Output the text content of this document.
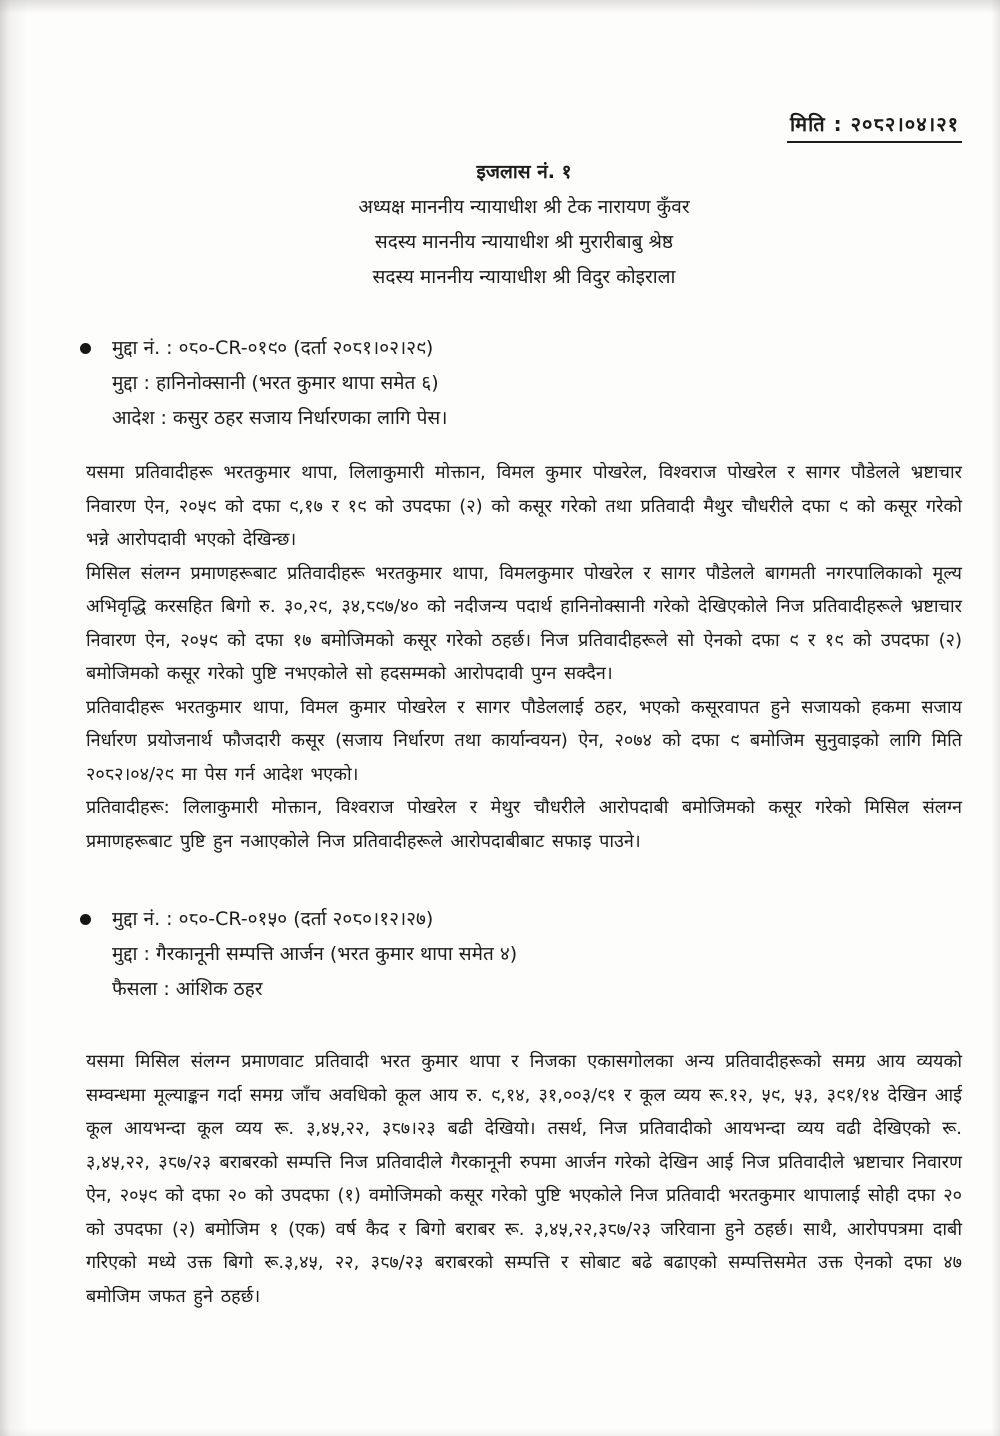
मिति : २०८२।०४।२१
इजलास नं. १
अध्यक्ष माननीय न्यायाधीश श्री टेक नारायण कुँवर
सदस्य माननीय न्यायाधीश श्री मुरारीबाबु श्रेष्ठ
सदस्य माननीय न्यायाधीश श्री विदुर कोइराला
मुद्दा नं. : ०८०-CR-०१९० (दर्ता २०८१।०२।२९)
मुद्दा : हानिनोक्सानी (भरत कुमार थापा समेत ६)
आदेश : कसुर ठहर सजाय निर्धारणका लागि पेस।

यसमा प्रतिवादीहरू भरतकुमार थापा, लिलाकुमारी मोक्तान, विमल कुमार पोखरेल, विश्वराज पोखरेल र सागर पौडेलले भ्रष्टाचार निवारण ऐन, २०५९ को दफा ९,१७ र १९ को उपदफा (२) को कसूर गरेको तथा प्रतिवादी मैथुर चौधरीले दफा ९ को कसूर गरेको भन्ने आरोपदावी भएको देखिन्छ।

मिसिल संलग्न प्रमाणहरूबाट प्रतिवादीहरू भरतकुमार थापा, विमलकुमार पोखरेल र सागर पौडेलले बागमती नगरपालिकाको मूल्य अभिवृद्धि करसहित बिगो रु. ३०,२९, ३४,८९७/४० को नदीजन्य पदार्थ हानिनोक्सानी गरेको देखिएकोले निज प्रतिवादीहरूले भ्रष्टाचार निवारण ऐन, २०५९ को दफा १७ बमोजिमको कसूर गरेको ठहर्छ। निज प्रतिवादीहरूले सो ऐनको दफा ९ र १९ को उपदफा (२) बमोजिमको कसूर गरेको पुष्टि नभएकोले सो हदसम्मको आरोपदावी पुग्न सक्दैन।

प्रतिवादीहरू भरतकुमार थापा, विमल कुमार पोखरेल र सागर पौडेललाई ठहर, भएको कसूरवापत हुने सजायको हकमा सजाय निर्धारण प्रयोजनार्थ फौजदारी कसूर (सजाय निर्धारण तथा कार्यान्वयन) ऐन, २०७४ को दफा ९ बमोजिम सुनुवाइको लागि मिति २०८२।०४/२९ मा पेस गर्न आदेश भएको।

प्रतिवादीहरू: लिलाकुमारी मोक्तान, विश्वराज पोखरेल र मेथुर चौधरीले आरोपदाबी बमोजिमको कसूर गरेको मिसिल संलग्न प्रमाणहरूबाट पुष्टि हुन नआएकोले निज प्रतिवादीहरूले आरोपदाबीबाट सफाइ पाउने।

मुद्दा नं. : ०८०-CR-०१५० (दर्ता २०८०।१२।२७)
मुद्दा : गैरकानूनी सम्पत्ति आर्जन (भरत कुमार थापा समेत ४)
फैसला : आंशिक ठहर

यसमा मिसिल संलग्न प्रमाणवाट प्रतिवादी भरत कुमार थापा र निजका एकासगोलका अन्य प्रतिवादीहरूको समग्र आय व्ययको सम्वन्धमा मूल्याङ्कन गर्दा समग्र जाँच अवधिको कूल आय रु. ९,१४, ३१,००३/९१ र कूल व्यय रू.१२, ५९, ५३, ३९१/१४ देखिन आई कूल आयभन्दा कूल व्यय रू. ३,४५,२२, ३८७।२३ बढी देखियो। तसर्थ, निज प्रतिवादीको आयभन्दा व्यय वढी देखिएको रू. ३,४५,२२, ३८७/२३ बराबरको सम्पत्ति निज प्रतिवादीले गैरकानूनी रुपमा आर्जन गरेको देखिन आई निज प्रतिवादीले भ्रष्टाचार निवारण ऐन, २०५९ को दफा २० को उपदफा (१) वमोजिमको कसूर गरेको पुष्टि भएकोले निज प्रतिवादी भरतकुमार थापालाई सोही दफा २० को उपदफा (२) बमोजिम १ (एक) वर्ष कैद र बिगो बराबर रू. ३,४५,२२,३८७/२३ जरिवाना हुने ठहर्छ। साथै, आरोपपत्रमा दाबी गरिएको मध्ये उक्त बिगो रू.३,४५, २२, ३८७/२३ बराबरको सम्पत्ति र सोबाट बढे बढाएको सम्पत्तिसमेत उक्त ऐनको दफा ४७ बमोजिम जफत हुने ठहर्छ।
